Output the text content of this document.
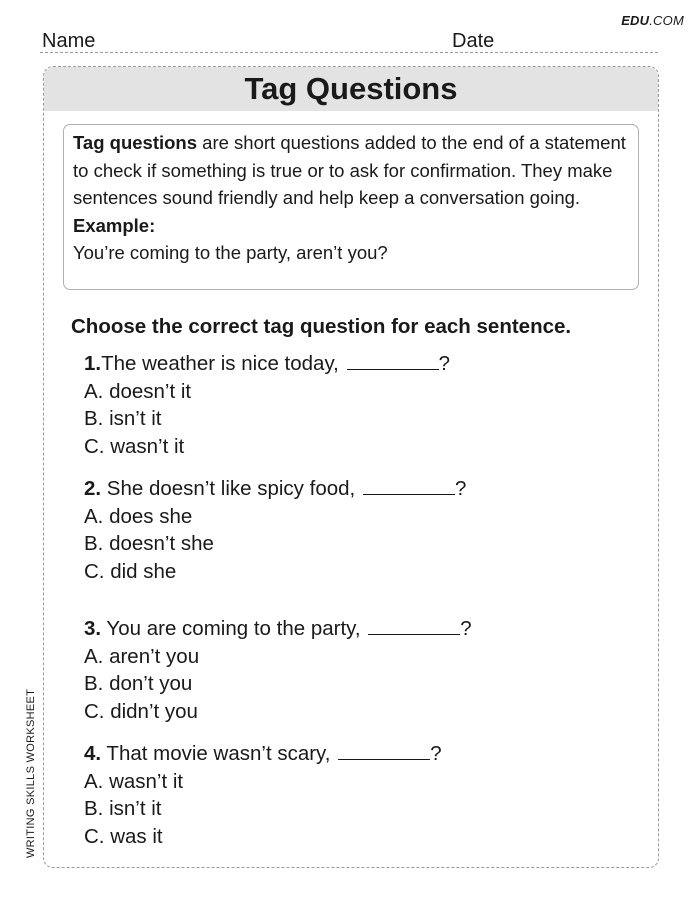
EDU.COM
Name	Date
Tag Questions

Tag questions are short questions added to the end of a statement to check if something is true or to ask for confirmation. They make sentences sound friendly and help keep a conversation going.

Example:

You’re coming to the party, aren’t you?

Choose the correct tag question for each sentence.

1.The weather is nice today,	?
A. doesn’t it
B. isn’t it
C. wasn’t it
2. She doesn’t like spicy food,	?
A. does she
B. doesn’t she
C. did she
3. You are coming to the party,	?
A. aren’t you
B. don’t you
C. didn’t you
4. That movie wasn’t scary,	?
A. wasn’t it
B. isn’t it
C. was it
WRITING SKILLS WORKSHEET
